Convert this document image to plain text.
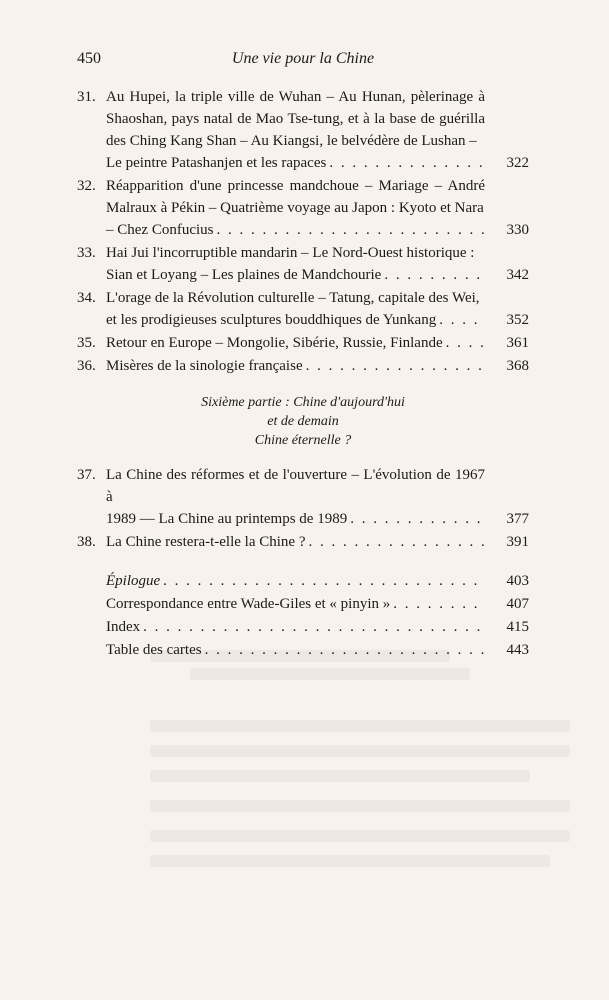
450	Une vie pour la Chine
31. Au Hupei, la triple ville de Wuhan – Au Hunan, pèlerinage à Shaoshan, pays natal de Mao Tse-tung, et à la base de guérilla des Ching Kang Shan – Au Kiangsi, le belvédère de Lushan –
Le peintre Patashanjen et les rapaces . . .	322
32. Réapparition d'une princesse mandchoue – Mariage – André Malraux à Pékin – Quatrième voyage au Japon : Kyoto et Nara
– Chez Confucius . . .	330
33. Hai Jui l'incorruptible mandarin – Le Nord-Ouest historique :
Sian et Loyang – Les plaines de Mandchourie . . .	342
34. L'orage de la Révolution culturelle – Tatung, capitale des Wei,
et les prodigieuses sculptures bouddhiques de Yunkang . . .	352
35. Retour en Europe – Mongolie, Sibérie, Russie, Finlande . . .	361
36. Misères de la sinologie française . . .	368
Sixième partie : Chine d'aujourd'hui
et de demain
Chine éternelle ?
37. La Chine des réformes et de l'ouverture – L'évolution de 1967 à
1989 — La Chine au printemps de 1989 . . .	377
38. La Chine restera-t-elle la Chine ? . . .	391
Épilogue . . .	403
Correspondance entre Wade-Giles et « pinyin » . . .	407
Index . . .	415
Table des cartes . . .	443
